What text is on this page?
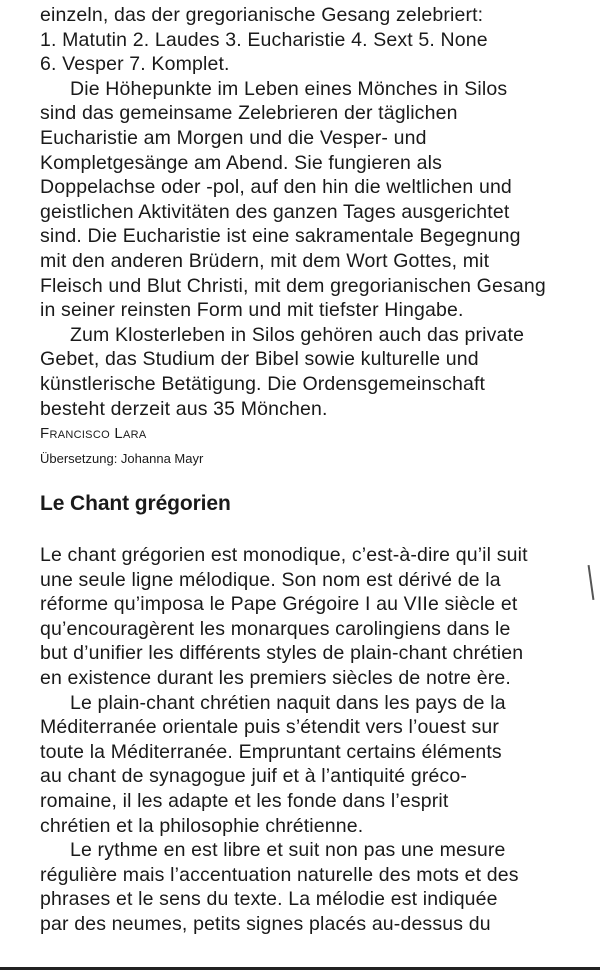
einzeln, das der gregorianische Gesang zelebriert:
1. Matutin 2. Laudes 3. Eucharistie 4. Sext 5. None
6. Vesper 7. Komplet.

Die Höhepunkte im Leben eines Mönches in Silos
sind das gemeinsame Zelebrieren der täglichen
Eucharistie am Morgen und die Vesper- und
Kompletgesänge am Abend. Sie fungieren als
Doppelachse oder -pol, auf den hin die weltlichen und
geistlichen Aktivitäten des ganzen Tages ausgerichtet
sind. Die Eucharistie ist eine sakramentale Begegnung
mit den anderen Brüdern, mit dem Wort Gottes, mit
Fleisch und Blut Christi, mit dem gregorianischen Gesang
in seiner reinsten Form und mit tiefster Hingabe.

Zum Klosterleben in Silos gehören auch das private
Gebet, das Studium der Bibel sowie kulturelle und
künstlerische Betätigung. Die Ordensgemeinschaft
besteht derzeit aus 35 Mönchen.

Francisco Lara

Übersetzung: Johanna Mayr

Le Chant grégorien

Le chant grégorien est monodique, c’est-à-dire qu’il suit
une seule ligne mélodique. Son nom est dérivé de la
réforme qu’imposa le Pape Grégoire I au VIIe siècle et
qu’encouragèrent les monarques carolingiens dans le
but d’unifier les différents styles de plain-chant chrétien
en existence durant les premiers siècles de notre ère.

Le plain-chant chrétien naquit dans les pays de la
Méditerranée orientale puis s’étendit vers l’ouest sur
toute la Méditerranée. Empruntant certains éléments
au chant de synagogue juif et à l’antiquité gréco-
romaine, il les adapte et les fonde dans l’esprit
chrétien et la philosophie chrétienne.

Le rythme en est libre et suit non pas une mesure
régulière mais l’accentuation naturelle des mots et des
phrases et le sens du texte. La mélodie est indiquée
par des neumes, petits signes placés au-dessus du
